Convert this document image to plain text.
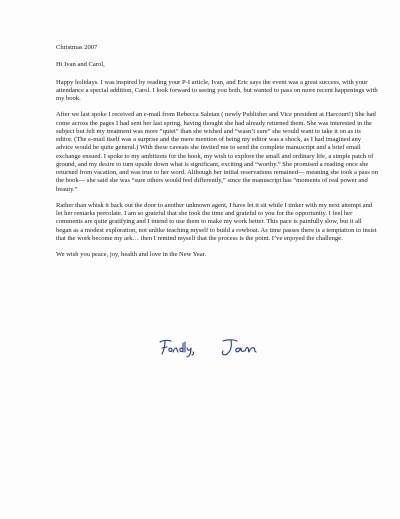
Christmas 2007

Hi Ivan and Carol,

Happy holidays. I was inspired by reading your P-I article, Ivan, and Eric says the event was a great success, with your attendance a special addition, Carol. I look forward to seeing you both, but wanted to pass on more recent happenings with my book.

After we last spoke I received an e-mail from Rebecca Saletan ( newly Publisher and Vice president at Harcourt!) She had come across the pages I had sent her last spring, having thought she had already returned them. She was interested in the subject but felt my treatment was more “quiet” than she wished and “wasn’t sure” she would want to take it on as its editor. (The e-mail itself was a surprise and the mere mention of being my editor was a shock, as I had imagined any advice would be quite general.) With these caveats she invited me to send the complete manuscript and a brief email exchange ensued. I spoke to my ambitions for the book, my wish to explore the small and ordinary life, a simple patch of ground, and my desire to turn upside down what is significant, exciting and “worthy.” She promised a reading once she returned from vacation, and was true to her word. Although her initial reservations remained— meaning she took a pass on the book— she said she was “sure others would feel differently,” since the manuscript has “moments of real power and beauty.”

Rather than whisk it back out the door to another unknown agent, I have let it sit while I tinker with my next attempt and let her remarks percolate. I am so grateful that she took the time and grateful to you for the opportunity. I feel her comments are quite gratifying and I intend to use them to make my work better. This pace is painfully slow, but it all began as a modest exploration, not unlike teaching myself to build a rowboat. As time passes there is a temptation to insist that the work become my ark… then I remind myself that the process is the point. I’ve enjoyed the challenge.

We wish you peace, joy, health and love in the New Year.
